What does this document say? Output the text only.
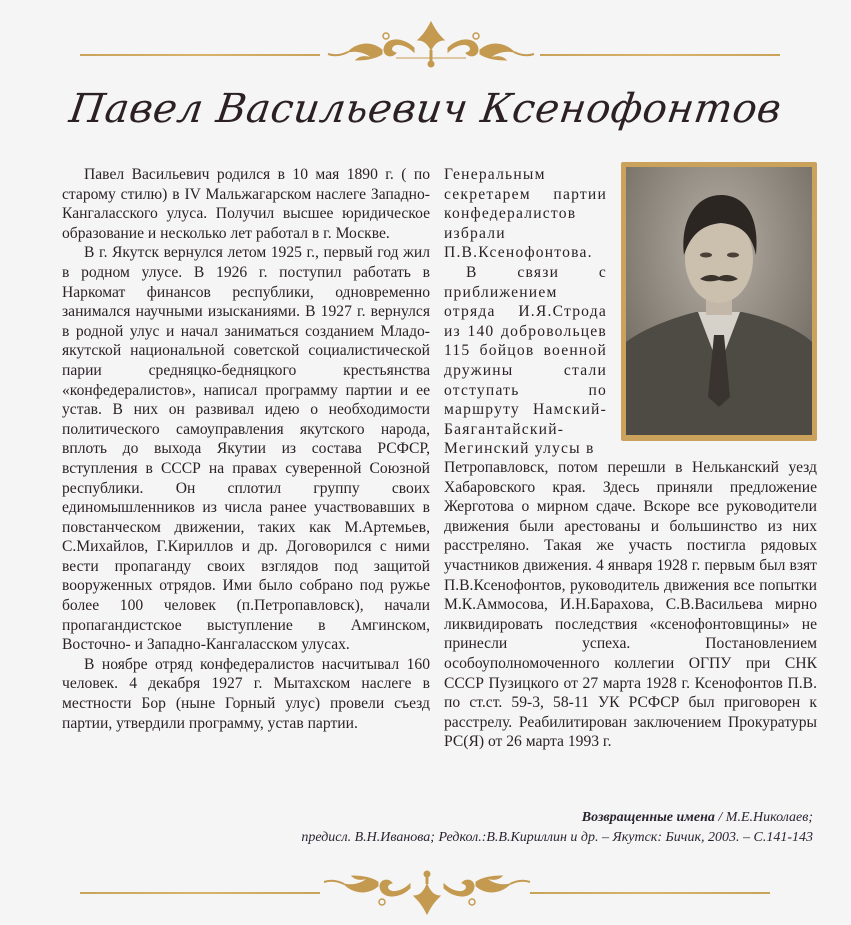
Павел Васильевич Ксенофонтов

Павел Васильевич родился в 10 мая 1890 г. ( по старому стилю) в IV Мальжагарском наслеге Западно-Кангаласского улуса. Получил высшее юридическое образование и несколько лет работал в г. Москве.

В г. Якутск вернулся летом 1925 г., первый год жил в родном улусе. В 1926 г. поступил работать в Наркомат финансов республики, одновременно занимался научными изысканиями. В 1927 г. вернулся в родной улус и начал заниматься созданием Младо-якутской национальной советской социалистической парии средняцко-бедняцкого крестьянства «конфедералистов», написал программу партии и ее устав. В них он развивал идею о необходимости политического самоуправления якутского народа, вплоть до выхода Якутии из состава РСФСР, вступления в СССР на правах суверенной Союзной республики. Он сплотил группу своих единомышленников из числа ранее участвовавших в повстанческом движении, таких как М.Артемьев, С.Михайлов, Г.Кириллов и др. Договорился с ними вести пропаганду своих взглядов под защитой вооруженных отрядов. Ими было собрано под ружье более 100 человек (п.Петропавловск), начали пропагандистское выступление в Амгинском, Восточно- и Западно-Кангаласском улусах.

В ноябре отряд конфедералистов насчитывал 160 человек. 4 декабря 1927 г. Мытахском наслеге в местности Бор (ныне Горный улус) провели съезд партии, утвердили программу, устав партии.

Генеральным секретарем партии конфедералистов избрали П.В.Ксенофонтова.

В связи с приближением отряда И.Я.Строда из 140 добровольцев 115 бойцов военной дружины стали отступать по маршруту Намский-Баягантайский-Мегинский улусы в

Петропавловск, потом перешли в Нельканский уезд Хабаровского края. Здесь приняли предложение Жерготова о мирном сдаче. Вскоре все руководители движения были арестованы и большинство из них расстреляно. Такая же участь постигла рядовых участников движения. 4 января 1928 г. первым был взят П.В.Ксенофонтов, руководитель движения все попытки М.К.Аммосова, И.Н.Барахова, С.В.Васильева мирно ликвидировать последствия «ксенофонтовщины» не принесли успеха. Постановлением особоуполномоченного коллегии ОГПУ при СНК СССР Пузицкого от 27 марта 1928 г. Ксенофонтов П.В. по ст.ст. 59-3, 58-11 УК РСФСР был приговорен к расстрелу. Реабилитирован заключением Прокуратуры РС(Я) от 26 марта 1993 г.

Возвращенные имена / М.Е.Николаев;
предисл. В.Н.Иванова; Редкол.:В.В.Кириллин и др. – Якутск: Бичик, 2003. – С.141-143
